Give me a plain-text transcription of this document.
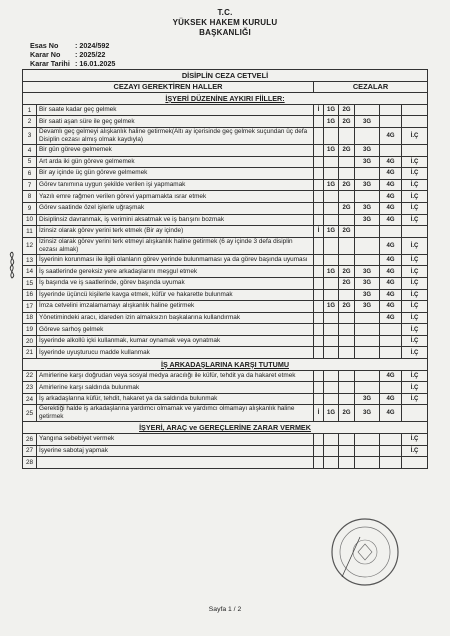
T.C.
YÜKSEK HAKEM KURULU
BAŞKANLIĞI
Esas No : 2024/592
Karar No : 2025/22
Karar Tarihi : 16.01.2025
DİSİPLİN CEZA CETVELİ							
CEZAYI GEREKTİREN HALLER		CEZALAR					
İŞYERİ DÜZENİNE AYKIRI FİİLLER:							
1	Bir saate kadar geç gelmek	İ	1G	2G			
2	Bir saati aşan süre ile geç gelmek		1G	2G	3G		
3	Devamlı geç gelmeyi alışkanlık haline getirmek(Altı ay içerisinde geç gelmek suçundan üç defa Disiplin cezası almış olmak kaydıyla)					4G	İ.Ç
4	Bir gün göreve gelmemek		1G	2G	3G		
5	Art arda iki gün göreve gelmemek				3G	4G	İ.Ç
6	Bir ay içinde üç gün göreve gelmemek					4G	İ.Ç
7	Görev tanımına uygun şekilde verilen işi yapmamak		1G	2G	3G	4G	İ.Ç
8	Yazılı emre rağmen verilen görevi yapmamakta ısrar etmek					4G	İ.Ç
9	Görev saatinde özel işlerle uğraşmak			2G	3G	4G	İ.Ç
10	Disiplinsiz davranmak, iş verimini aksatmak ve iş barışını bozmak				3G	4G	İ.Ç
11	İzinsiz olarak görev yerini terk etmek (Bir ay içinde)	İ	1G	2G			
12	İzinsiz olarak görev yerini terk etmeyi alışkanlık haline getirmek (6 ay içinde 3 defa disiplin cezası almak)					4G	İ.Ç
13	İşyerinin korunması ile ilgili olanların görev yerinde bulunmaması ya da görev başında uyuması					4G	İ.Ç
14	İş saatlerinde gereksiz yere arkadaşlarını meşgul etmek		1G	2G	3G	4G	İ.Ç
15	İş başında ve iş saatlerinde, görev başında uyumak			2G	3G	4G	İ.Ç
16	İşyerinde üçüncü kişilerle kavga etmek, küfür ve hakarette bulunmak				3G	4G	İ.Ç
17	İmza cetvelini imzalamamayı alışkanlık haline getirmek		1G	2G	3G	4G	İ.Ç
18	Yönetimindeki aracı, idareden izin almaksızın başkalarına kullandırmak					4G	İ.Ç
19	Göreve sarhoş gelmek						İ.Ç
20	İşyerinde alkollü içki kullanmak, kumar oynamak veya oynatmak						İ.Ç
21	İşyerinde uyuşturucu madde kullanmak						İ.Ç
İŞ ARKADAŞLARINA KARŞI TUTUMU							
22	Amirlerine karşı doğrudan veya sosyal medya aracılığı ile küfür, tehdit ya da hakaret etmek					4G	İ.Ç
23	Amirlerine karşı saldırıda bulunmak						İ.Ç
24	İş arkadaşlarına küfür, tehdit, hakaret ya da saldırıda bulunmak				3G	4G	İ.Ç
25	Gerektiği halde iş arkadaşlarına yardımcı olmamak ve yardımcı olmamayı alışkanlık haline getirmek	İ	1G	2G	3G	4G	
İŞYERİ, ARAÇ ve GEREÇLERİNE ZARAR VERMEK							
26	Yangına sebebiyet vermek						İ.Ç
27	İşyerine sabotaj yapmak						İ.Ç
28							
Sayfa 1 / 2
